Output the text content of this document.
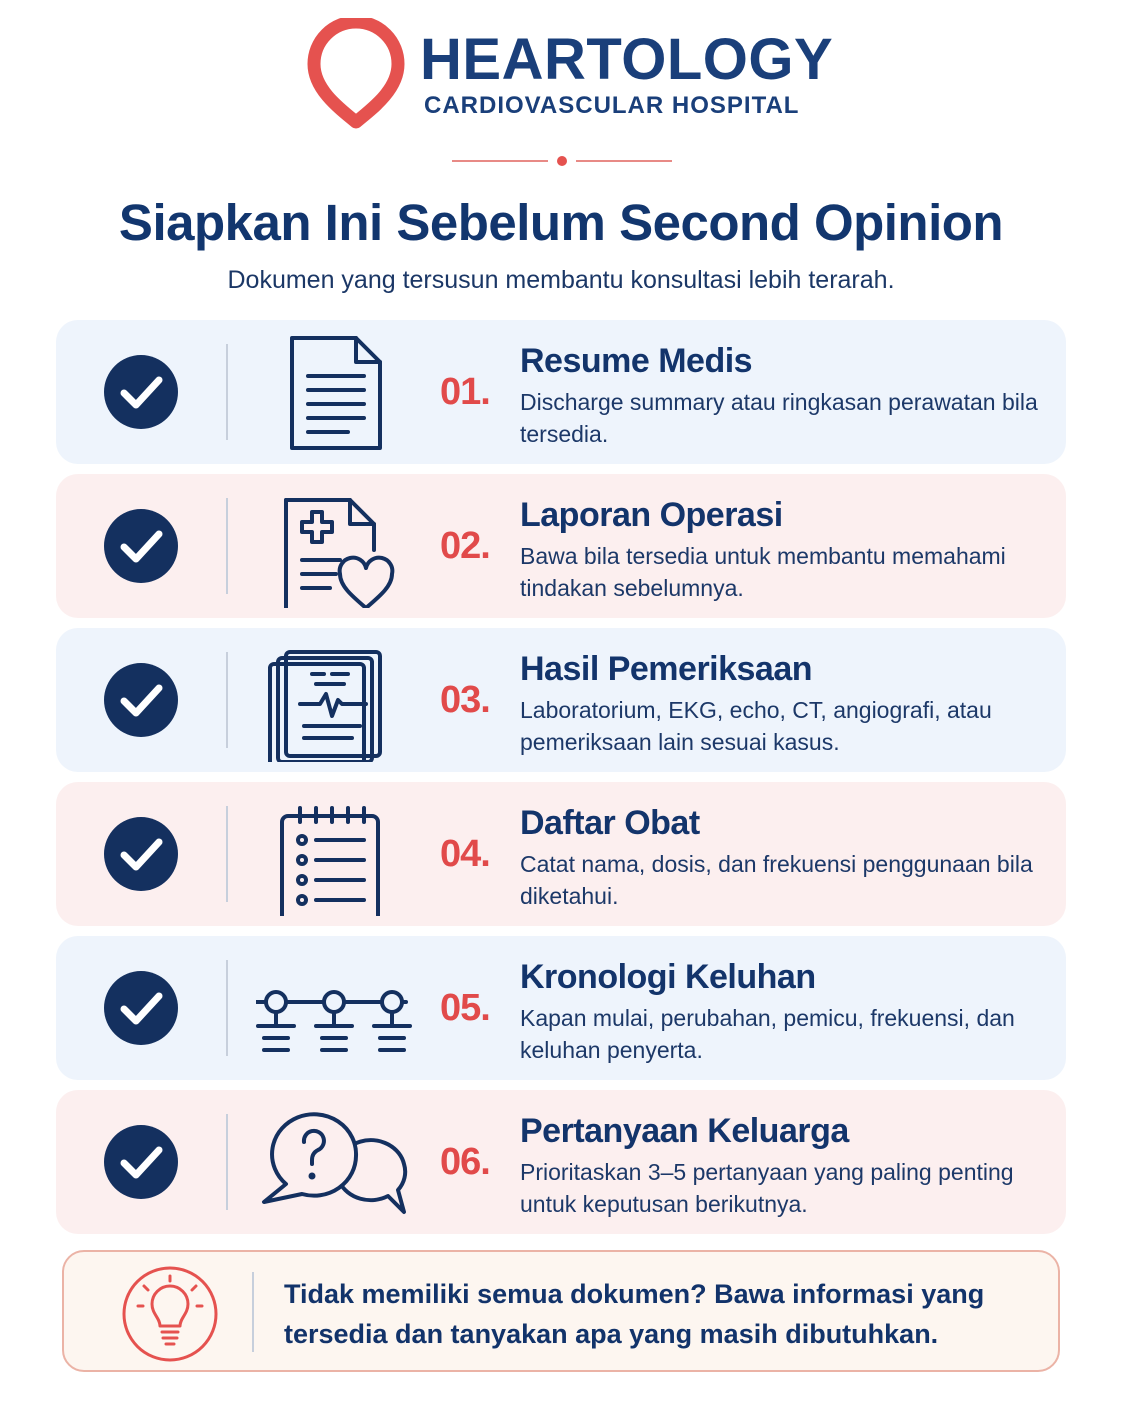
HEARTOLOGY
CARDIOVASCULAR HOSPITAL
Siapkan Ini Sebelum Second Opinion
Dokumen yang tersusun membantu konsultasi lebih terarah.
01.
Resume Medis
Discharge summary atau ringkasan perawatan bila tersedia.
02.
Laporan Operasi
Bawa bila tersedia untuk membantu memahami tindakan sebelumnya.
03.
Hasil Pemeriksaan
Laboratorium, EKG, echo, CT, angiografi, atau pemeriksaan lain sesuai kasus.
04.
Daftar Obat
Catat nama, dosis, dan frekuensi penggunaan bila diketahui.
05.
Kronologi Keluhan
Kapan mulai, perubahan, pemicu, frekuensi, dan keluhan penyerta.
06.
Pertanyaan Keluarga
Prioritaskan 3–5 pertanyaan yang paling penting untuk keputusan berikutnya.
Tidak memiliki semua dokumen? Bawa informasi yang tersedia dan tanyakan apa yang masih dibutuhkan.
